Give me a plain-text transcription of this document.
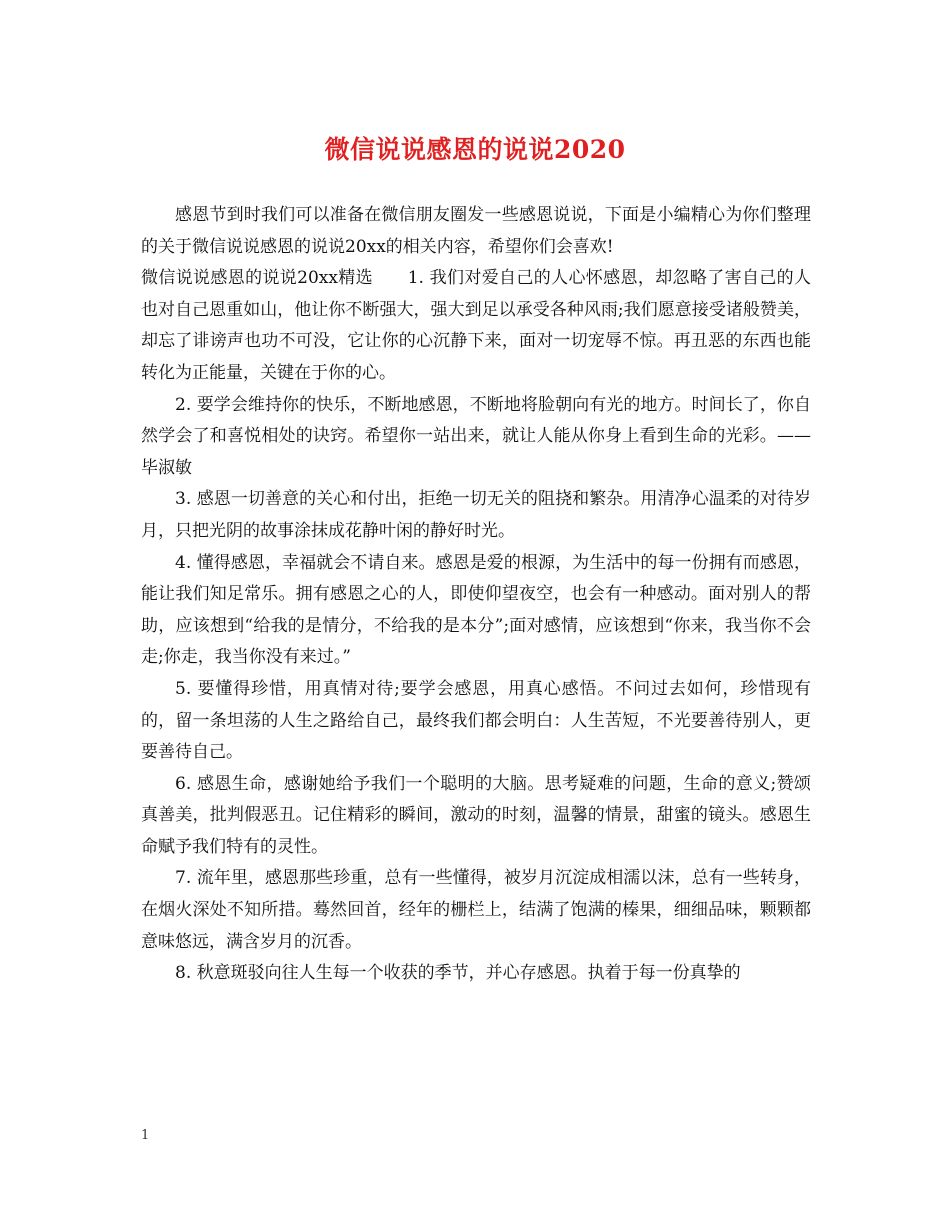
微信说说感恩的说说2020

感恩节到时我们可以准备在微信朋友圈发一些感恩说说，下面是小编精心为你们整理的关于微信说说感恩的说说20xx的相关内容，希望你们会喜欢!

微信说说感恩的说说20xx精选　　1. 我们对爱自己的人心怀感恩，却忽略了害自己的人也对自己恩重如山，他让你不断强大，强大到足以承受各种风雨;我们愿意接受诸般赞美，却忘了诽谤声也功不可没，它让你的心沉静下来，面对一切宠辱不惊。再丑恶的东西也能转化为正能量，关键在于你的心。

2. 要学会维持你的快乐，不断地感恩，不断地将脸朝向有光的地方。时间长了，你自然学会了和喜悦相处的诀窍。希望你一站出来，就让人能从你身上看到生命的光彩。——毕淑敏

3. 感恩一切善意的关心和付出，拒绝一切无关的阻挠和繁杂。用清净心温柔的对待岁月，只把光阴的故事涂抹成花静叶闲的静好时光。

4. 懂得感恩，幸福就会不请自来。感恩是爱的根源，为生活中的每一份拥有而感恩，能让我们知足常乐。拥有感恩之心的人，即使仰望夜空，也会有一种感动。面对别人的帮助，应该想到“给我的是情分，不给我的是本分”;面对感情，应该想到“你来，我当你不会走;你走，我当你没有来过。”

5. 要懂得珍惜，用真情对待;要学会感恩，用真心感悟。不问过去如何，珍惜现有的，留一条坦荡的人生之路给自己，最终我们都会明白：人生苦短，不光要善待别人，更要善待自己。

6. 感恩生命，感谢她给予我们一个聪明的大脑。思考疑难的问题，生命的意义;赞颂真善美，批判假恶丑。记住精彩的瞬间，激动的时刻，温馨的情景，甜蜜的镜头。感恩生命赋予我们特有的灵性。

7. 流年里，感恩那些珍重，总有一些懂得，被岁月沉淀成相濡以沫，总有一些转身，在烟火深处不知所措。蓦然回首，经年的栅栏上，结满了饱满的榛果，细细品味，颗颗都意味悠远，满含岁月的沉香。

8. 秋意斑驳向往人生每一个收获的季节，并心存感恩。执着于每一份真挚的

1
